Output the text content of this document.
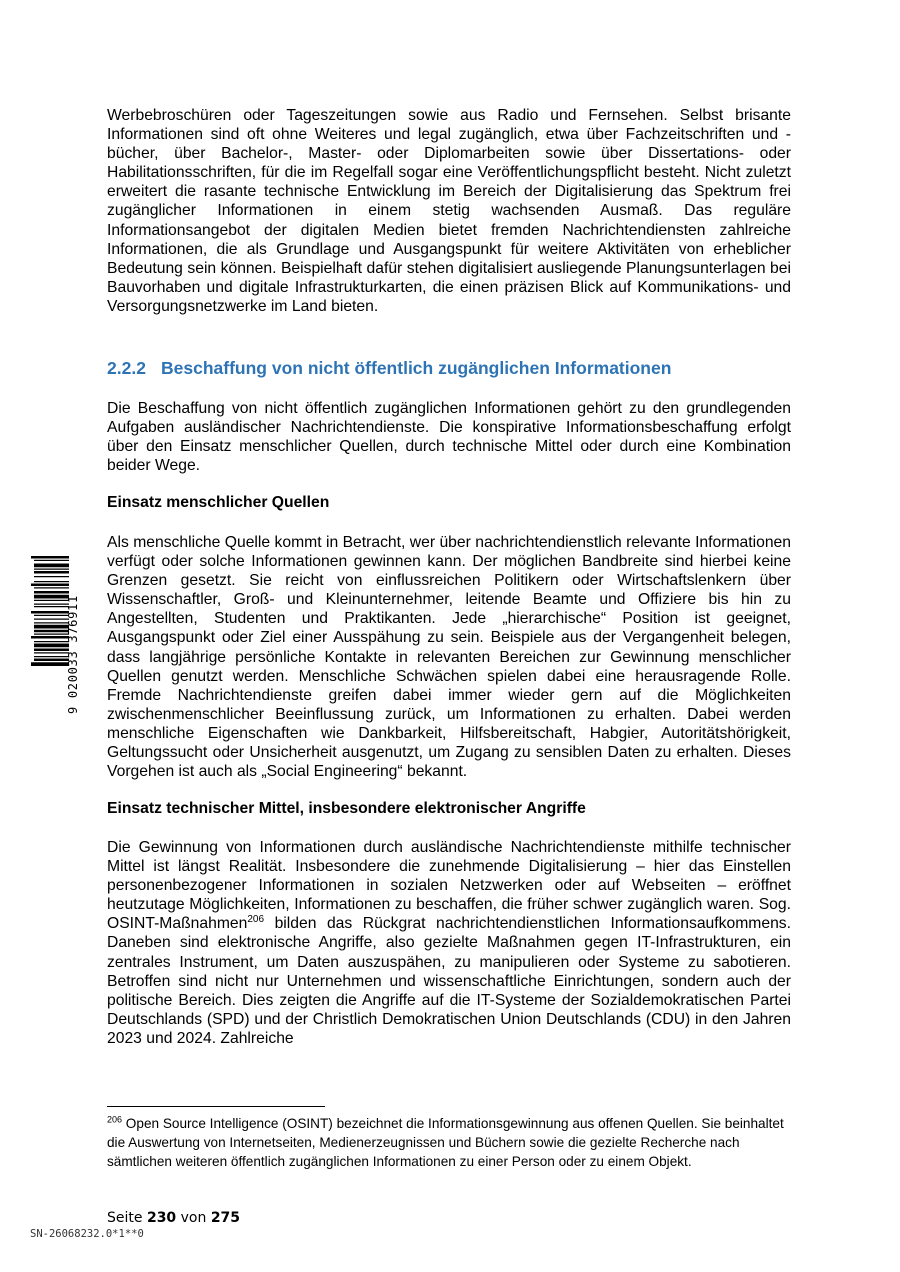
9 020033 376911

Werbebroschüren oder Tageszeitungen sowie aus Radio und Fernsehen. Selbst brisante Informationen sind oft ohne Weiteres und legal zugänglich, etwa über Fachzeitschriften und -bücher, über Bachelor-, Master- oder Diplomarbeiten sowie über Dissertations- oder Habilitationsschriften, für die im Regelfall sogar eine Veröffentlichungspflicht besteht. Nicht zuletzt erweitert die rasante technische Entwicklung im Bereich der Digitalisierung das Spektrum frei zugänglicher Informationen in einem stetig wachsenden Ausmaß. Das reguläre Informationsangebot der digitalen Medien bietet fremden Nachrichtendiensten zahlreiche Informationen, die als Grundlage und Ausgangspunkt für weitere Aktivitäten von erheblicher Bedeutung sein können. Beispielhaft dafür stehen digitalisiert ausliegende Planungsunterlagen bei Bauvorhaben und digitale Infrastrukturkarten, die einen präzisen Blick auf Kommunikations- und Versorgungsnetzwerke im Land bieten.

2.2.2 Beschaffung von nicht öffentlich zugänglichen Informationen

Die Beschaffung von nicht öffentlich zugänglichen Informationen gehört zu den grundlegenden Aufgaben ausländischer Nachrichtendienste. Die konspirative Informationsbeschaffung erfolgt über den Einsatz menschlicher Quellen, durch technische Mittel oder durch eine Kombination beider Wege.

Einsatz menschlicher Quellen

Als menschliche Quelle kommt in Betracht, wer über nachrichtendienstlich relevante Informationen verfügt oder solche Informationen gewinnen kann. Der möglichen Bandbreite sind hierbei keine Grenzen gesetzt. Sie reicht von einflussreichen Politikern oder Wirtschaftslenkern über Wissenschaftler, Groß- und Kleinunternehmer, leitende Beamte und Offiziere bis hin zu Angestellten, Studenten und Praktikanten. Jede „hierarchische“ Position ist geeignet, Ausgangspunkt oder Ziel einer Ausspähung zu sein. Beispiele aus der Vergangenheit belegen, dass langjährige persönliche Kontakte in relevanten Bereichen zur Gewinnung menschlicher Quellen genutzt werden. Menschliche Schwächen spielen dabei eine herausragende Rolle. Fremde Nachrichtendienste greifen dabei immer wieder gern auf die Möglichkeiten zwischenmenschlicher Beeinflussung zurück, um Informationen zu erhalten. Dabei werden menschliche Eigenschaften wie Dankbarkeit, Hilfsbereitschaft, Habgier, Autoritätshörigkeit, Geltungssucht oder Unsicherheit ausgenutzt, um Zugang zu sensiblen Daten zu erhalten. Dieses Vorgehen ist auch als „Social Engineering“ bekannt.

Einsatz technischer Mittel, insbesondere elektronischer Angriffe

Die Gewinnung von Informationen durch ausländische Nachrichtendienste mithilfe technischer Mittel ist längst Realität. Insbesondere die zunehmende Digitalisierung – hier das Einstellen personenbezogener Informationen in sozialen Netzwerken oder auf Webseiten – eröffnet heutzutage Möglichkeiten, Informationen zu beschaffen, die früher schwer zugänglich waren. Sog. OSINT-Maßnahmen$^{206}$ bilden das Rückgrat nachrichtendienstlichen Informationsaufkommens. Daneben sind elektronische Angriffe, also gezielte Maßnahmen gegen IT-Infrastrukturen, ein zentrales Instrument, um Daten auszuspähen, zu manipulieren oder Systeme zu sabotieren. Betroffen sind nicht nur Unternehmen und wissenschaftliche Einrichtungen, sondern auch der politische Bereich. Dies zeigten die Angriffe auf die IT-Systeme der Sozialdemokratischen Partei Deutschlands (SPD) und der Christlich Demokratischen Union Deutschlands (CDU) in den Jahren 2023 und 2024. Zahlreiche

$^{206}$ Open Source Intelligence (OSINT) bezeichnet die Informationsgewinnung aus offenen Quellen. Sie beinhaltet die Auswertung von Internetseiten, Medienerzeugnissen und Büchern sowie die gezielte Recherche nach sämtlichen weiteren öffentlich zugänglichen Informationen zu einer Person oder zu einem Objekt.

Seite 230 von 275
SN-26068232.0*1**0
